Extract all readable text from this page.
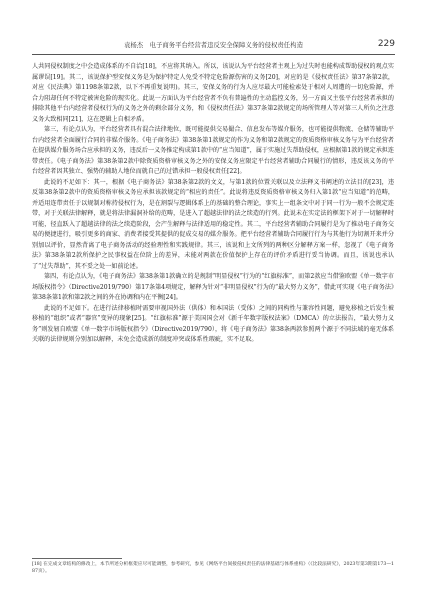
袁杨杰　电子商务平台经营者违反安全保障义务的侵权责任构造	229

人共同侵权制度之中会造成体系的不自洽[18]，不应将其纳入。所以，该说认为平台经营者主观上为过失时也能构成帮助侵权的观点实属谬误[19]。其二，该说保护型安保义务是为保护特定人免受不特定危险源伤害的义务[20]，对应的是《侵权责任法》第37条第2款，对应《民法典》第1198条第2款，以下不再重复说明)。其三，安保义务的行为人应尽最大可能检索处于相对人周遭的一切危险源，并合力阻却任何不特定被害危险的现实化。此说一方面认为平台经营者不负有普遍性的主动监控义务，另一方面又主张平台经营者承担的排除其他平台内经营者侵权行为的义务之外的剩余部分义务，和《侵权责任法》第37条第2款规定的场所管理人等对第三人所负之注意义务大致相同[21]，这在逻辑上自相矛盾。

第三，有论点认为，平台经营者具有混合法律地位，既可能提供交易撮合、信息发布等媒介服务，也可能提供物流、仓储等辅助平台内经营者全面履行合同的非媒介服务。《电子商务法》第38条第1款规定的作为义务和第2款规定的资质资格审核义务与为平台经营者在提供媒介服务场合应承担的义务，违反后一义务推定构成第1款中的“应当知道”，属于实施过失帮助侵权，应根据第1款的规定承担连带责任。《电子商务法》第38条第2款中除资质资格审核义务之外的安保义务应限定平台经营者辅助合同履行的情形，违反该义务的平台经营者因其独立、强势的辅助人地位而就自己的过错承担一般侵权责任[22]。

此说的不足如下：其一，根据《电子商务法》第38条第2款的文义，与第1款的位置关联以及立法释义书阐述的立法目的[23]，违反第38条第2款中的资质资格审核义务应承担该款规定的“相应的责任”。此说将违反资质资格审核义务归入第1款“应当知道”的范畴，并适用连带责任于以规制对称持侵权行为，是在割裂与逻辑体系上的基础的整合理论，事实上一组条文中对于同一行为一般不会规定连带，对于关联法律解释，就是将法律漏洞补给的范畴，是进入了超越法律的法之续造的行列。此说未在实定法的框架下对于一切解释时可能，径直跃入了超越法律的法之续造阶段，会产生解释与法律适用的稳定性。其二，平台经营者辅助合同履行是为了推动电子商务交易的便捷进行，吸引更多的商家、消费者接受其提供的促成交易的媒介服务。把平台经营者辅助合同履行行为与其他行为切割开来并分别加以评价，显然背离了电子商务活动的经验理性和实践规律。其三，该说和上文所列的两种区分解释方案一样，忽视了《电子商务法》第38条第2款所保护之民事权益在位阶上的差异，未能对两款在价值保护上存在的评价矛盾进行妥当协调。而且，该说也承认了“过失帮助”，其不妥之处一如前论述。

第四，有论点认为，《电子商务法》第38条第1款确立的是规制“明显侵权”行为的“红旗标准”，而第2款应当借鉴欧盟《单一数字市场版权指令》（Directive2019/790）第17条第4项规定，解释为针对“非明显侵权”行为的“最大努力义务”，借此可实现《电子商务法》第38条第1款和第2款之间的外在协调和内在平衡[24]。

此说的不足如下。在进行法律移植时需要审视国外法（供体）和本国法（受体）之间的同构性与兼容性问题，避免移植之后发生被移植的“组织”或者“器官”变异的现象[25]。“红旗标准”源于美国国会对《新千年数字版权法案》（DMCA）的立法报告，“最大努力义务”则发轫自欧盟《单一数字市场版权指令》（Directive2019/790），将《电子商务法》第38条两款参照两个源于不同法域的毫无体系关联的法律规则分别加以解释，未免会造成新的制度冲突或体系性瑕疵，实不足取。

[18] 在完成文章结构的修改上，本节所述分析框架应尽可能调整，参考研究，参见《网络平台间接侵权责任的法律基础与体系重构》（《比较法研究》，2023年第3期第173—187页）。
